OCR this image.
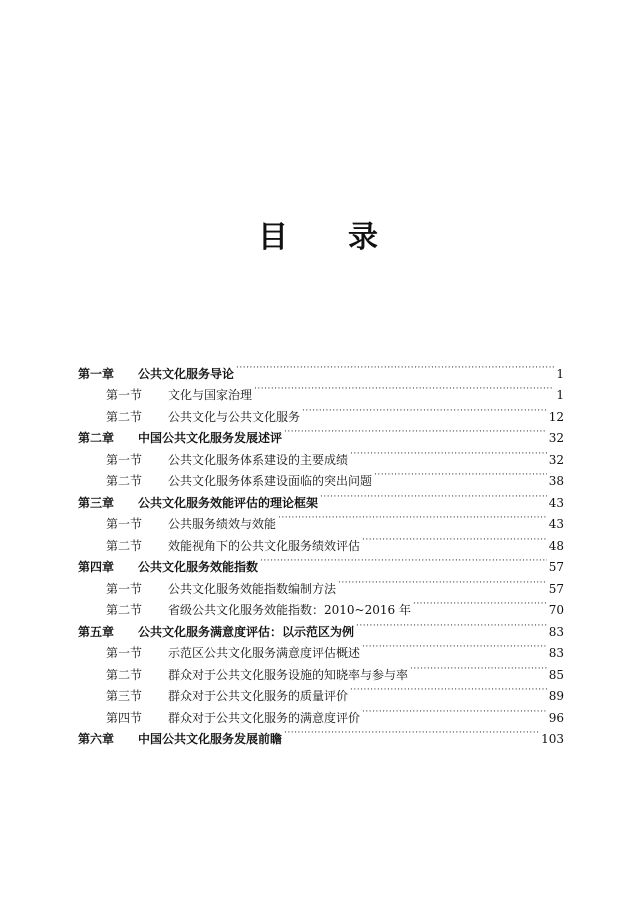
目 录
第一章	公共文化服务导论 ·····	1
第一节	文化与国家治理 ·····	1
第二节	公共文化与公共文化服务 ·····	12
第二章	中国公共文化服务发展述评 ·····	32
第一节	公共文化服务体系建设的主要成绩 ·····	32
第二节	公共文化服务体系建设面临的突出问题 ·····	38
第三章	公共文化服务效能评估的理论框架 ·····	43
第一节	公共服务绩效与效能 ·····	43
第二节	效能视角下的公共文化服务绩效评估 ·····	48
第四章	公共文化服务效能指数 ·····	57
第一节	公共文化服务效能指数编制方法 ·····	57
第二节	省级公共文化服务效能指数：2010~2016 年 ·····	70
第五章	公共文化服务满意度评估：以示范区为例 ·····	83
第一节	示范区公共文化服务满意度评估概述 ·····	83
第二节	群众对于公共文化服务设施的知晓率与参与率 ·····	85
第三节	群众对于公共文化服务的质量评价 ·····	89
第四节	群众对于公共文化服务的满意度评价 ·····	96
第六章	中国公共文化服务发展前瞻 ·····	103
